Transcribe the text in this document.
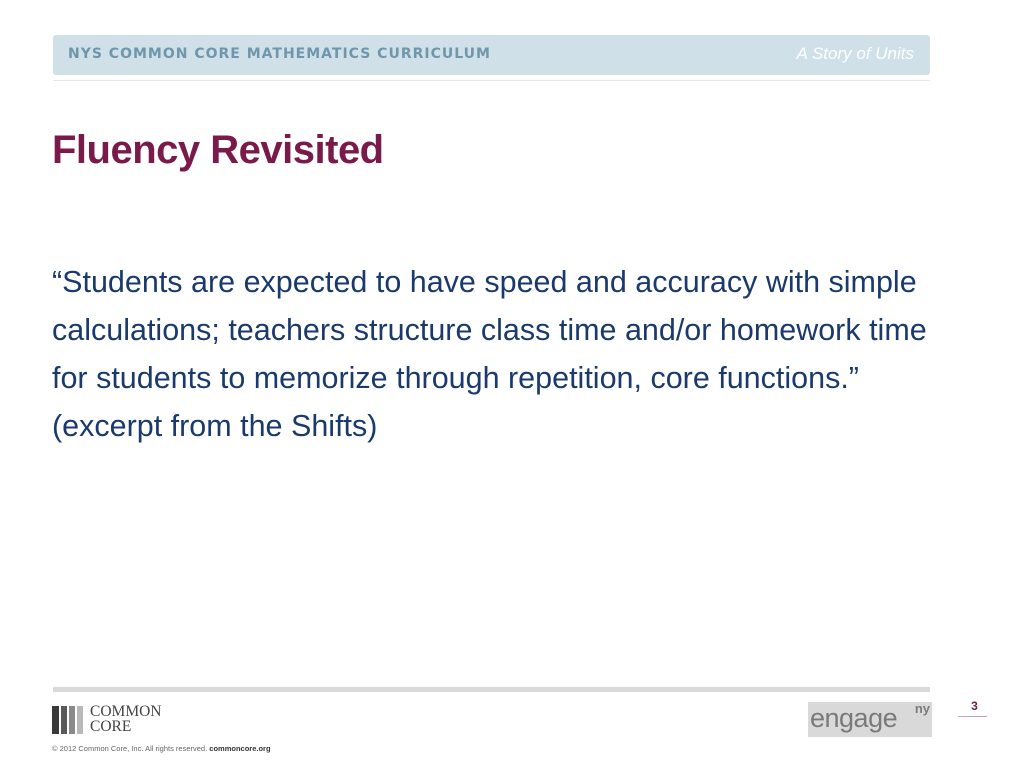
NYS COMMON CORE MATHEMATICS CURRICULUM	A Story of Units
Fluency Revisited

“Students are expected to have speed and accuracy with simple calculations; teachers structure class time and/or homework time for students to memorize through repetition, core functions.” (excerpt from the Shifts)

COMMON
CORE
© 2012 Common Core, Inc. All rights reserved. commoncore.org
engage ny	3
